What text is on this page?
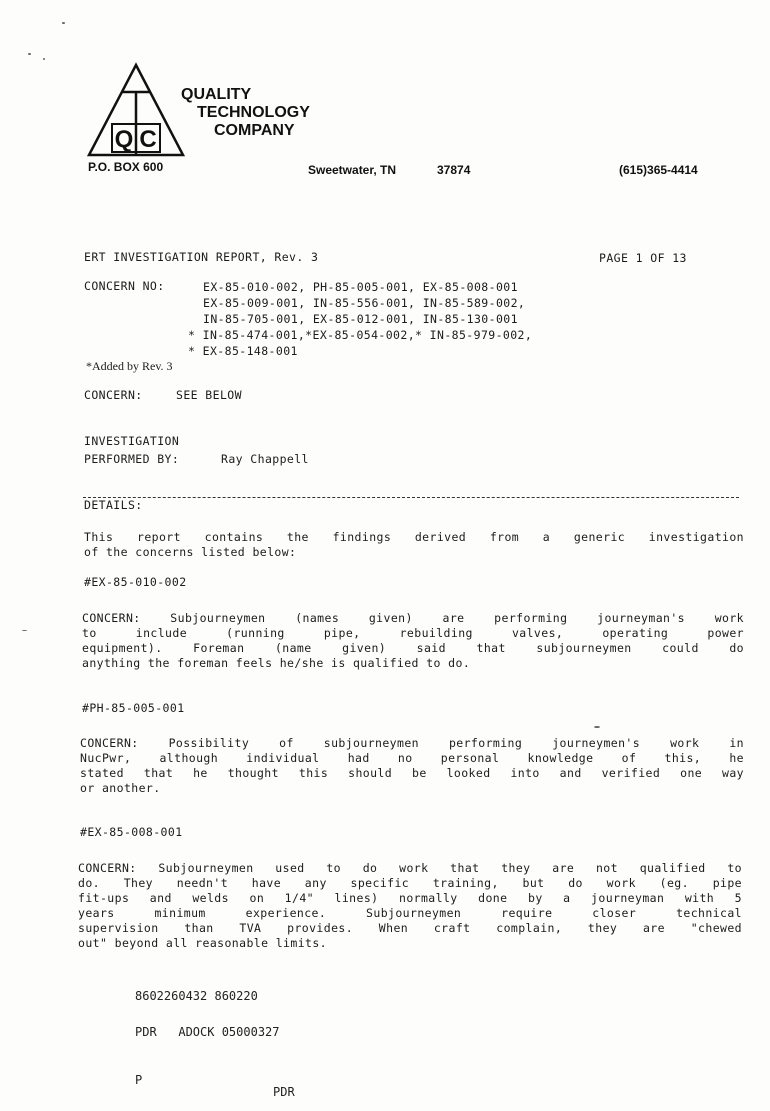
Q C
QUALITY
TECHNOLOGY
COMPANY
P.O. BOX 600	Sweetwater, TN	37874	(615)365-4414
ERT INVESTIGATION REPORT, Rev. 3	PAGE 1 OF 13
CONCERN NO:	EX-85-010-002, PH-85-005-001, EX-85-008-001
EX-85-009-001, IN-85-556-001, IN-85-589-002,
IN-85-705-001, EX-85-012-001, IN-85-130-001
* IN-85-474-001,*EX-85-054-002,* IN-85-979-002,
* EX-85-148-001
*Added by Rev. 3
CONCERN:	SEE BELOW
INVESTIGATION
PERFORMED BY:	Ray Chappell
DETAILS:
This report contains the findings derived from a generic investigation
of the concerns listed below:
#EX-85-010-002
CONCERN: Subjourneymen (names given) are performing journeyman's work
to include (running pipe, rebuilding valves, operating power
equipment). Foreman (name given) said that subjourneymen could do
anything the foreman feels he/she is qualified to do.
#PH-85-005-001
CONCERN: Possibility of subjourneymen performing journeymen's work in
NucPwr, although individual had no personal knowledge of this, he
stated that he thought this should be looked into and verified one way
or another.
#EX-85-008-001
CONCERN: Subjourneymen used to do work that they are not qualified to
do. They needn't have any specific training, but do work (eg. pipe
fit-ups and welds on 1/4" lines) normally done by a journeyman with 5
years minimum experience. Subjourneymen require closer technical
supervision than TVA provides. When craft complain, they are "chewed
out" beyond all reasonable limits.

8602260432 860220

PDR   ADOCK 05000327

P

PDR
